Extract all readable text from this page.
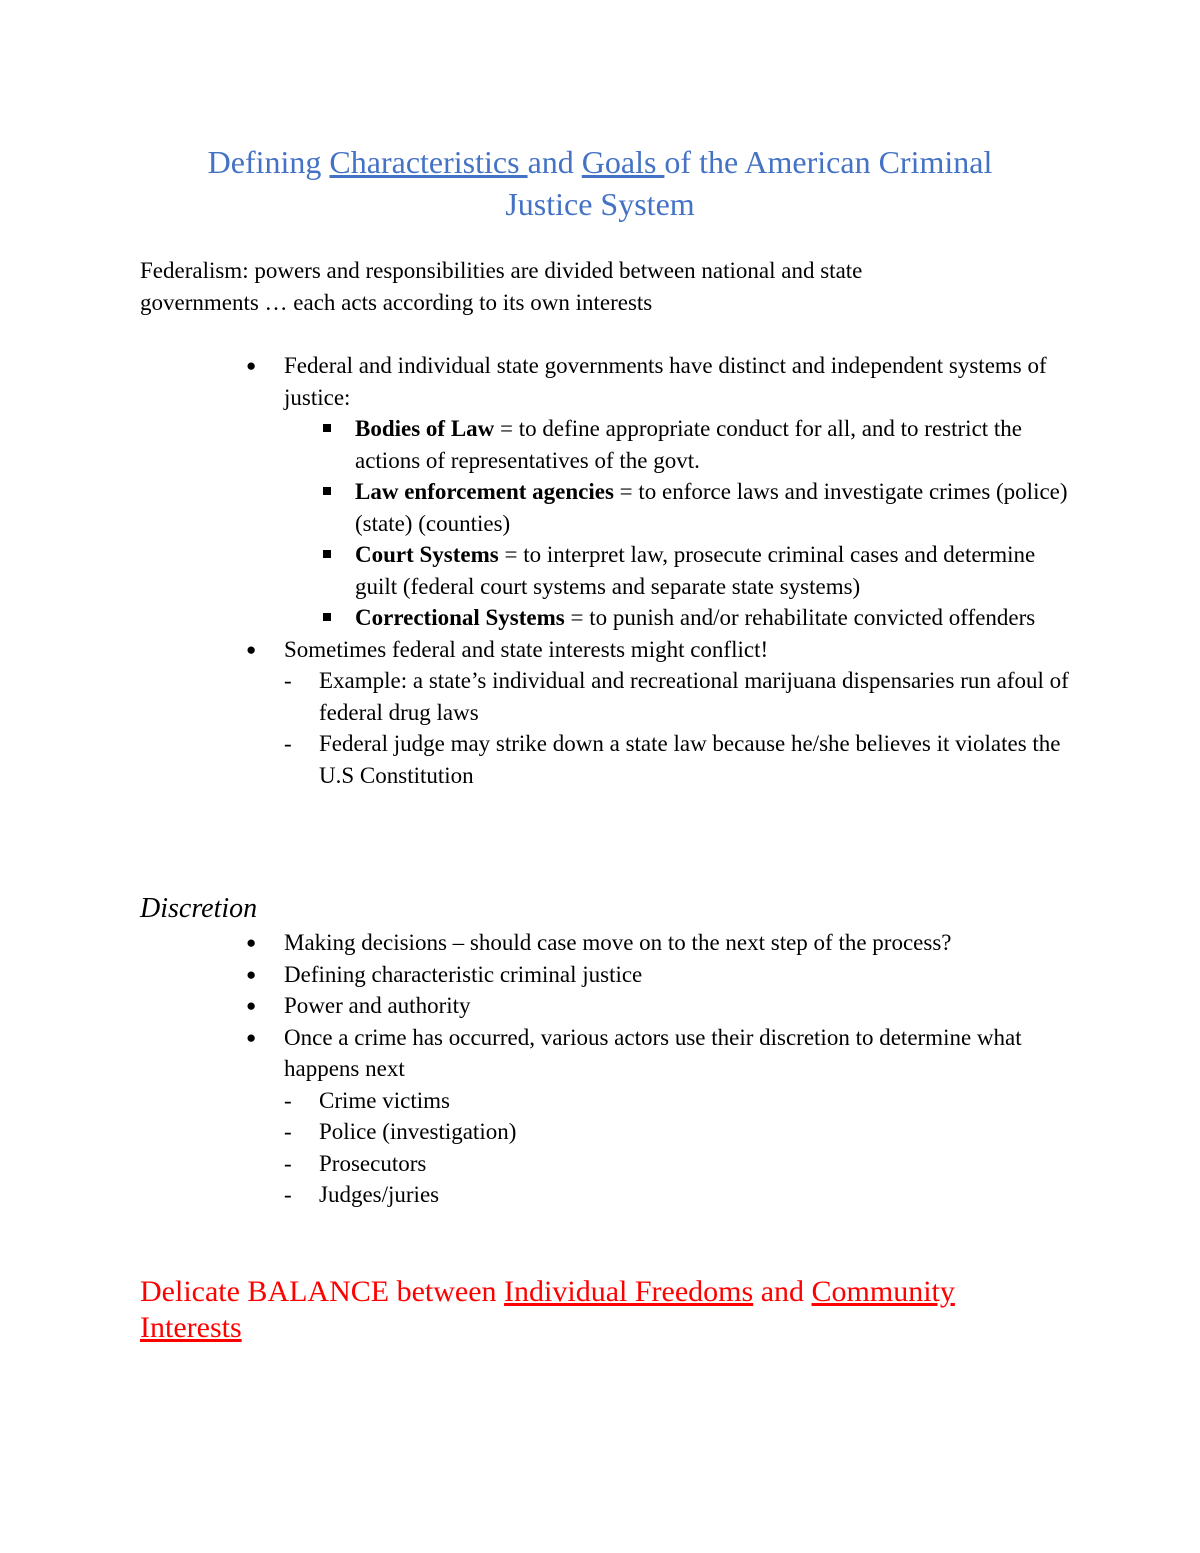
Defining Characteristics and Goals of the American Criminal
Justice System
Federalism: powers and responsibilities are divided between national and state
governments … each acts according to its own interests
● Federal and individual state governments have distinct and independent systems of justice:
Bodies of Law = to define appropriate conduct for all, and to restrict the actions of representatives of the govt.
Law enforcement agencies = to enforce laws and investigate crimes (police) (state) (counties)
Court Systems = to interpret law, prosecute criminal cases and determine guilt (federal court systems and separate state systems)
Correctional Systems = to punish and/or rehabilitate convicted offenders
● Sometimes federal and state interests might conflict!
- Example: a state’s individual and recreational marijuana dispensaries run afoul of federal drug laws
- Federal judge may strike down a state law because he/she believes it violates the U.S Constitution
Discretion
● Making decisions – should case move on to the next step of the process?
● Defining characteristic criminal justice
● Power and authority
● Once a crime has occurred, various actors use their discretion to determine what happens next
- Crime victims
- Police (investigation)
- Prosecutors
- Judges/juries
Delicate BALANCE between Individual Freedoms and Community
Interests
